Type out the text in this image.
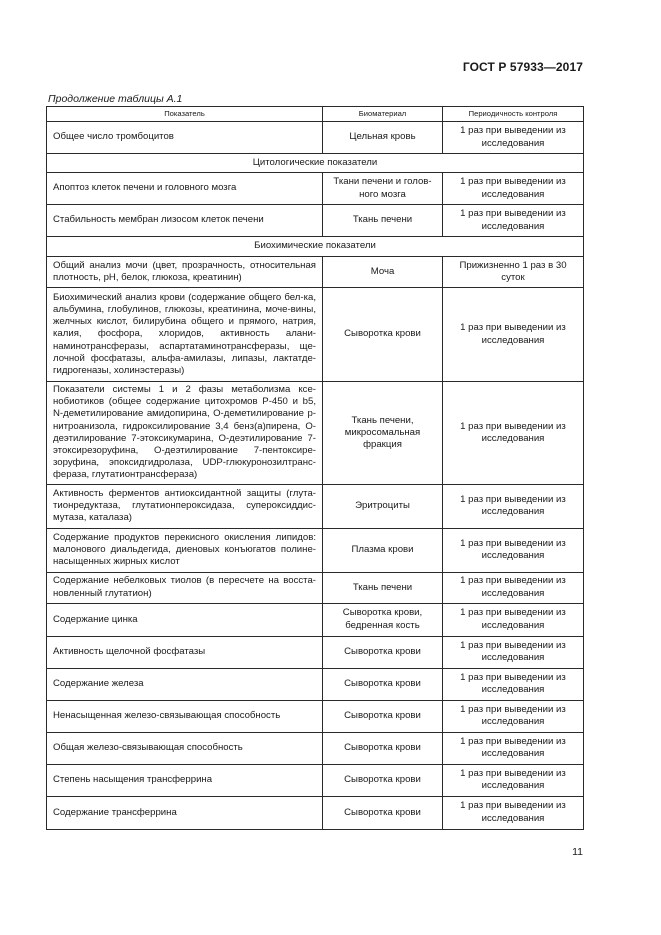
ГОСТ Р 57933—2017
Продолжение таблицы А.1
Показатель	Биоматериал	Периодичность контроля
Общее число тромбоцитов	Цельная кровь	1 раз при выведении из исследования
Цитологические показатели		
Апоптоз клеток печени и головного мозга	Ткани печени и голов-ного мозга	1 раз при выведении из исследования
Стабильность мембран лизосом клеток печени	Ткань печени	1 раз при выведении из исследования
Биохимические показатели		
Общий анализ мочи (цвет, прозрачность, относительная плотность, pH, белок, глюкоза, креатинин)	Моча	Прижизненно 1 раз в 30 суток
Биохимический анализ крови (содержание общего бел-ка, альбумина, глобулинов, глюкозы, креатинина, моче-вины, желчных кислот, билирубина общего и прямого, натрия, калия, фосфора, хлоридов, активность алани-наминотрансферазы, аспартатаминотрансферазы, ще-лочной фосфатазы, альфа-амилазы, липазы, лактатде-гидрогеназы, холинэстеразы)	Сыворотка крови	1 раз при выведении из исследования
Показатели системы 1 и 2 фазы метаболизма ксе-нобиотиков (общее содержание цитохромов Р-450 и b5, N-деметилирование амидопирина, О-деметилирование р-нитроанизола, гидроксилирование 3,4 бенз(а)пирена, О-деэтилирование 7-этоксикумарина, О-деэтилирование 7-этоксирезоруфина, О-деэтилирование 7-пентоксире-зоруфина, эпоксидгидролаза, UDP-глюкуронозилтранс-фераза, глутатионтрансфераза)	Ткань печени, микросомальная фракция	1 раз при выведении из исследования
Активность ферментов антиоксидантной защиты (глута-тионредуктаза, глутатионпероксидаза, супероксиддис-мутаза, каталаза)	Эритроциты	1 раз при выведении из исследования
Содержание продуктов перекисного окисления липидов: малонового диальдегида, диеновых конъюгатов полине-насыщенных жирных кислот	Плазма крови	1 раз при выведении из исследования
Содержание небелковых тиолов (в пересчете на восста-новленный глутатион)	Ткань печени	1 раз при выведении из исследования
Содержание цинка	Сыворотка крови, бедренная кость	1 раз при выведении из исследования
Активность щелочной фосфатазы	Сыворотка крови	1 раз при выведении из исследования
Содержание железа	Сыворотка крови	1 раз при выведении из исследования
Ненасыщенная железо-связывающая способность	Сыворотка крови	1 раз при выведении из исследования
Общая железо-связывающая способность	Сыворотка крови	1 раз при выведении из исследования
Степень насыщения трансферрина	Сыворотка крови	1 раз при выведении из исследования
Содержание трансферрина	Сыворотка крови	1 раз при выведении из исследования
11
